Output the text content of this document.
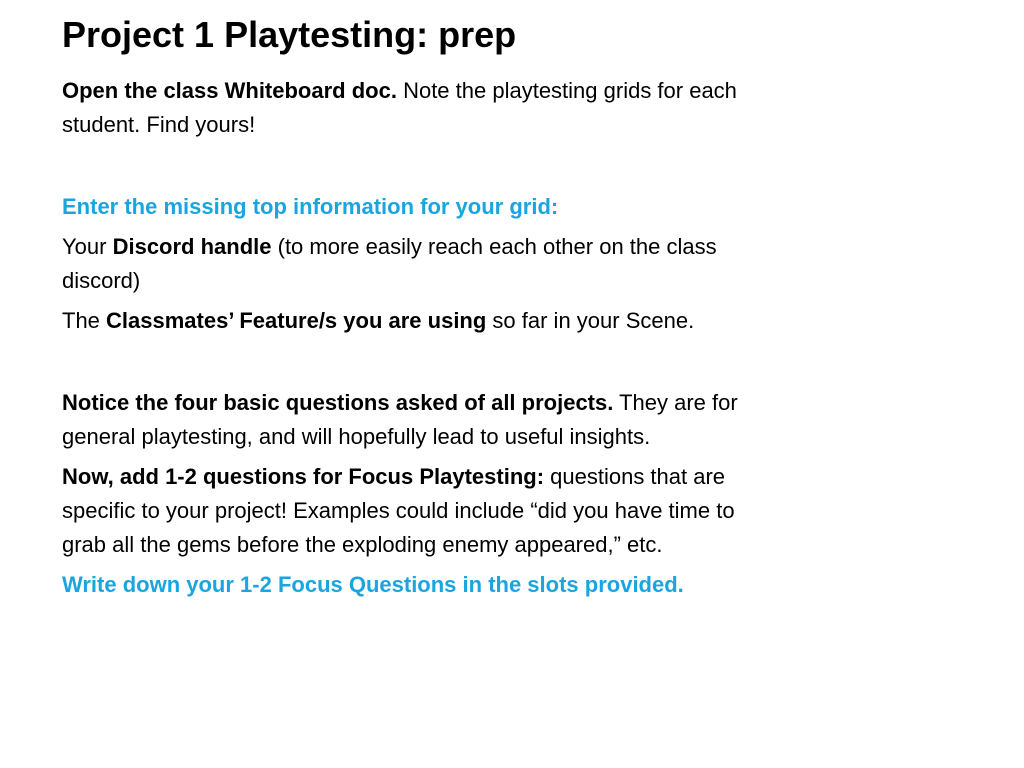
Project 1 Playtesting: prep

Open the class Whiteboard doc. Note the playtesting grids for each student. Find yours!

Enter the missing top information for your grid:

Your Discord handle (to more easily reach each other on the class discord)

The Classmates’ Feature/s you are using so far in your Scene.

Notice the four basic questions asked of all projects. They are for general playtesting, and will hopefully lead to useful insights.

Now, add 1-2 questions for Focus Playtesting: questions that are specific to your project! Examples could include “did you have time to grab all the gems before the exploding enemy appeared,” etc.

Write down your 1-2 Focus Questions in the slots provided.
